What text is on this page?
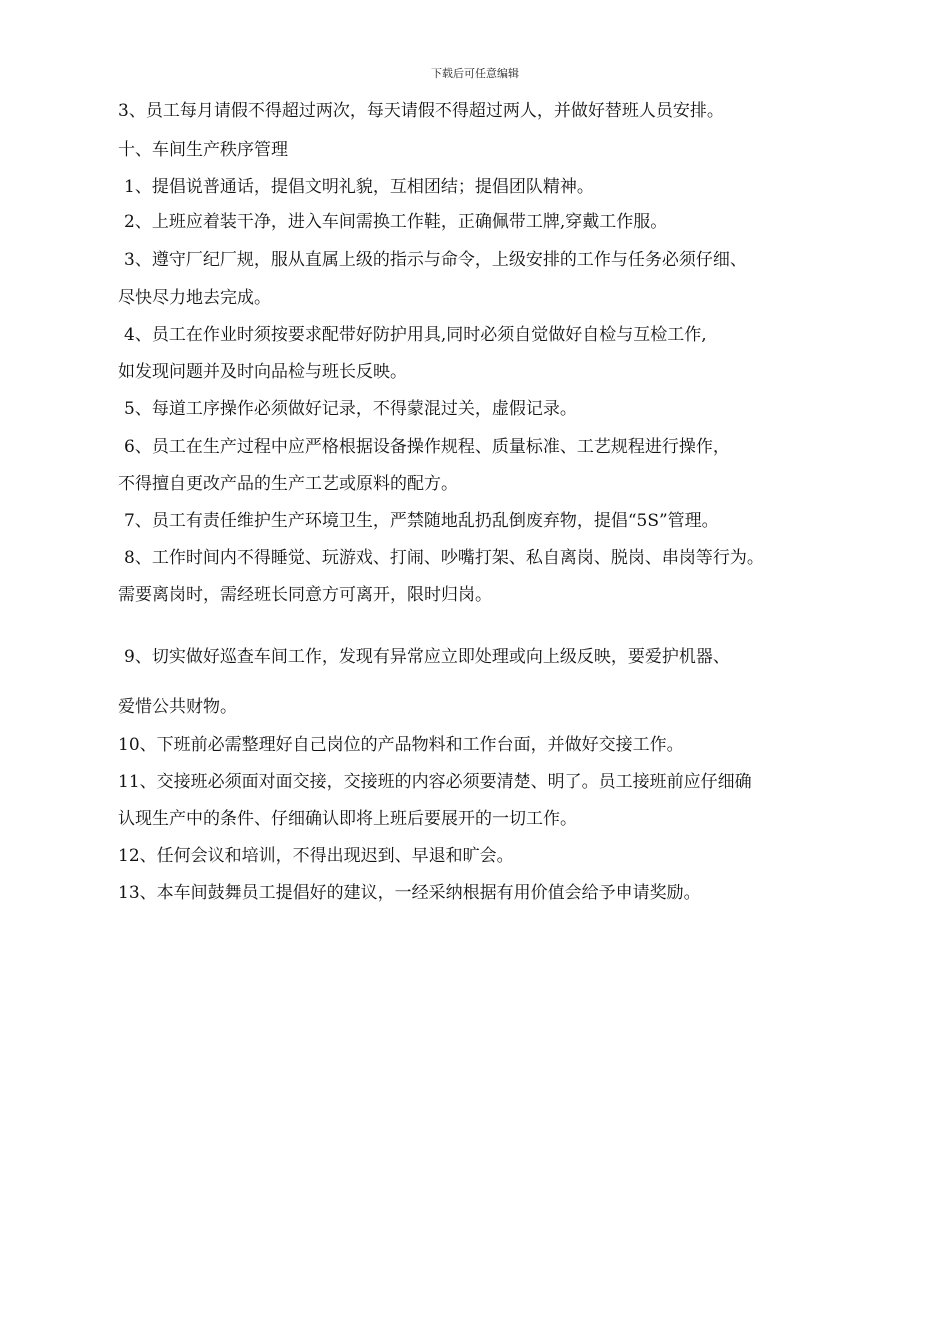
下载后可任意编辑
3、员工每月请假不得超过两次，每天请假不得超过两人，并做好替班人员安排。
十、车间生产秩序管理
1、提倡说普通话，提倡文明礼貌，互相团结；提倡团队精神。
2、上班应着装干净，进入车间需换工作鞋，正确佩带工牌,穿戴工作服。
3、遵守厂纪厂规，服从直属上级的指示与命令，上级安排的工作与任务必须仔细、
尽快尽力地去完成。
4、员工在作业时须按要求配带好防护用具,同时必须自觉做好自检与互检工作,
如发现问题并及时向品检与班长反映。
5、每道工序操作必须做好记录，不得蒙混过关，虚假记录。
6、员工在生产过程中应严格根据设备操作规程、质量标准、工艺规程进行操作，
不得擅自更改产品的生产工艺或原料的配方。
7、员工有责任维护生产环境卫生，严禁随地乱扔乱倒废弃物，提倡“5S”管理。
8、工作时间内不得睡觉、玩游戏、打闹、吵嘴打架、私自离岗、脱岗、串岗等行为。
需要离岗时，需经班长同意方可离开，限时归岗。
9、切实做好巡查车间工作，发现有异常应立即处理或向上级反映，要爱护机器、
爱惜公共财物。
10、下班前必需整理好自己岗位的产品物料和工作台面，并做好交接工作。
11、交接班必须面对面交接，交接班的内容必须要清楚、明了。员工接班前应仔细确
认现生产中的条件、仔细确认即将上班后要展开的一切工作。
12、任何会议和培训，不得出现迟到、早退和旷会。
13、本车间鼓舞员工提倡好的建议，一经采纳根据有用价值会给予申请奖励。
